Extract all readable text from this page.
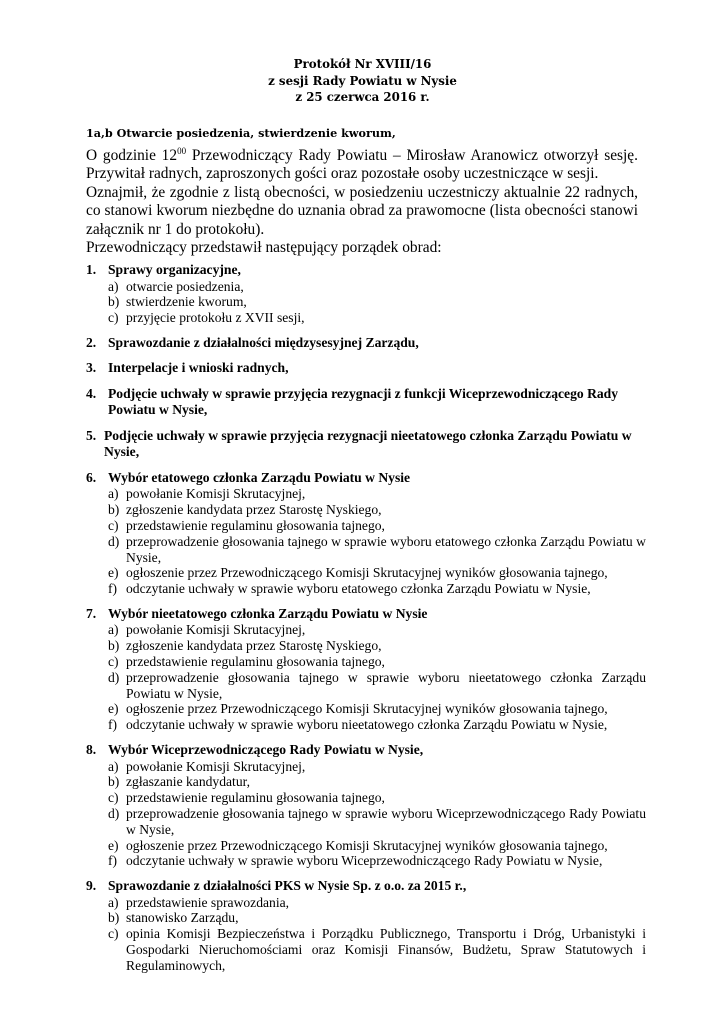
Protokół Nr XVIII/16
z sesji Rady Powiatu w Nysie
z 25 czerwca 2016 r.
1a,b Otwarcie posiedzenia, stwierdzenie kworum,

O godzinie $12^{00}$ Przewodniczący Rady Powiatu – Mirosław Aranowicz otworzył sesję. Przywitał radnych, zaproszonych gości oraz pozostałe osoby uczestniczące w sesji.

Oznajmił, że zgodnie z listą obecności, w posiedzeniu uczestniczy aktualnie 22 radnych, co stanowi kworum niezbędne do uznania obrad za prawomocne (lista obecności stanowi załącznik nr 1 do protokołu).

Przewodniczący przedstawił następujący porządek obrad:

1. Sprawy organizacyjne,
a) otwarcie posiedzenia,
b) stwierdzenie kworum,
c) przyjęcie protokołu z XVII sesji,
2. Sprawozdanie z działalności międzysesyjnej Zarządu,
3. Interpelacje i wnioski radnych,
4. Podjęcie uchwały w sprawie przyjęcia rezygnacji z funkcji Wiceprzewodniczącego Rady Powiatu w Nysie,
5. Podjęcie uchwały w sprawie przyjęcia rezygnacji nieetatowego członka Zarządu Powiatu w Nysie,
6. Wybór etatowego członka Zarządu Powiatu w Nysie
a) powołanie Komisji Skrutacyjnej,
b) zgłoszenie kandydata przez Starostę Nyskiego,
c) przedstawienie regulaminu głosowania tajnego,
d) przeprowadzenie głosowania tajnego w sprawie wyboru etatowego członka Zarządu Powiatu w Nysie,
e) ogłoszenie przez Przewodniczącego Komisji Skrutacyjnej wyników głosowania tajnego,
f) odczytanie uchwały w sprawie wyboru etatowego członka Zarządu Powiatu w Nysie,
7. Wybór nieetatowego członka Zarządu Powiatu w Nysie
a) powołanie Komisji Skrutacyjnej,
b) zgłoszenie kandydata przez Starostę Nyskiego,
c) przedstawienie regulaminu głosowania tajnego,
d) przeprowadzenie głosowania tajnego w sprawie wyboru nieetatowego członka Zarządu Powiatu w Nysie,
e) ogłoszenie przez Przewodniczącego Komisji Skrutacyjnej wyników głosowania tajnego,
f) odczytanie uchwały w sprawie wyboru nieetatowego członka Zarządu Powiatu w Nysie,
8. Wybór Wiceprzewodniczącego Rady Powiatu w Nysie,
a) powołanie Komisji Skrutacyjnej,
b) zgłaszanie kandydatur,
c) przedstawienie regulaminu głosowania tajnego,
d) przeprowadzenie głosowania tajnego w sprawie wyboru Wiceprzewodniczącego Rady Powiatu w Nysie,
e) ogłoszenie przez Przewodniczącego Komisji Skrutacyjnej wyników głosowania tajnego,
f) odczytanie uchwały w sprawie wyboru Wiceprzewodniczącego Rady Powiatu w Nysie,
9. Sprawozdanie z działalności PKS w Nysie Sp. z o.o. za 2015 r.,
a) przedstawienie sprawozdania,
b) stanowisko Zarządu,
c) opinia Komisji Bezpieczeństwa i Porządku Publicznego, Transportu i Dróg, Urbanistyki i Gospodarki Nieruchomościami oraz Komisji Finansów, Budżetu, Spraw Statutowych i Regulaminowych,
